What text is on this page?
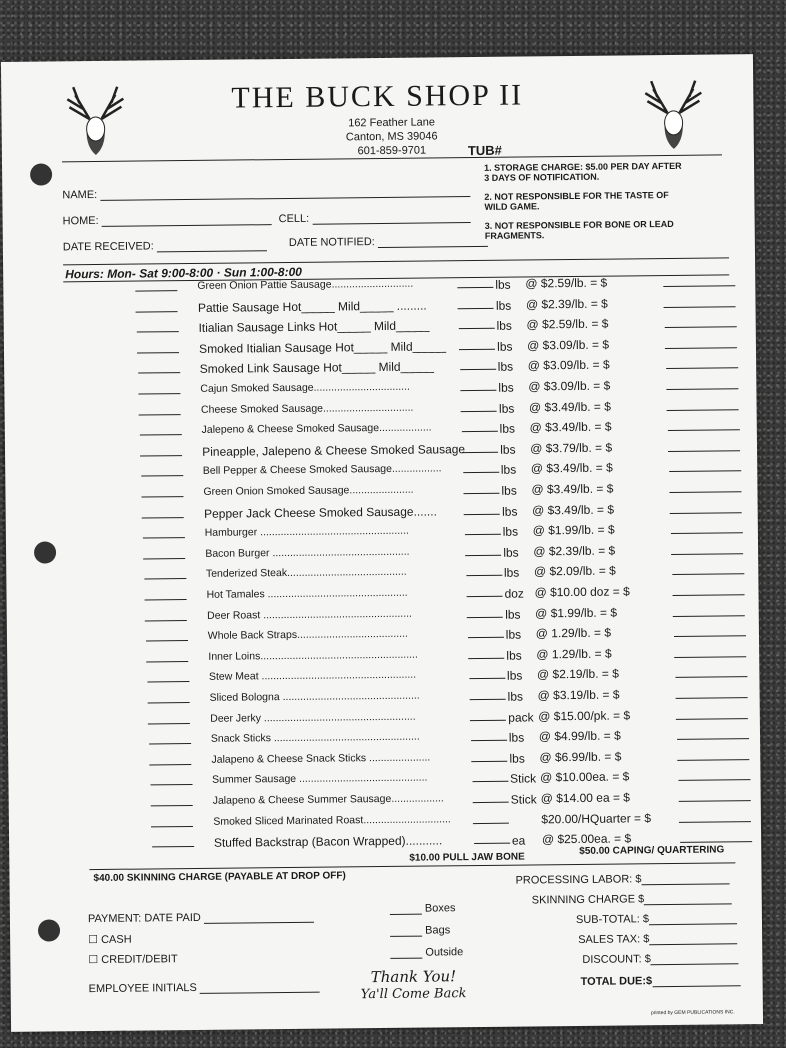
THE BUCK SHOP II
162 Feather Lane
Canton, MS 39046
601-859-9701	TUB#
1. STORAGE CHARGE: $5.00 PER DAY AFTER 3 DAYS OF NOTIFICATION.
2. NOT RESPONSIBLE FOR THE TASTE OF WILD GAME.
3. NOT RESPONSIBLE FOR BONE OR LEAD FRAGMENTS.
NAME:
HOME:	CELL:
DATE RECEIVED:	DATE NOTIFIED:
Hours: Mon- Sat 9:00-8:00 · Sun 1:00-8:00
Green Onion Pattie Sausage............................	lbs @ $2.59/lb. = $
Pattie Sausage Hot_____ Mild_____ .........	lbs @ $2.39/lb. = $
Itialian Sausage Links Hot_____ Mild_____	lbs @ $2.59/lb. = $
Smoked Itialian Sausage Hot_____ Mild_____	lbs @ $3.09/lb. = $
Smoked Link Sausage Hot_____ Mild_____	lbs @ $3.09/lb. = $
Cajun Smoked Sausage.................................	lbs @ $3.09/lb. = $
Cheese Smoked Sausage...............................	lbs @ $3.49/lb. = $
Jalepeno & Cheese Smoked Sausage..................	lbs @ $3.49/lb. = $
Pineapple, Jalepeno & Cheese Smoked Sausage	lbs @ $3.79/lb. = $
Bell Pepper & Cheese Smoked Sausage.................	lbs @ $3.49/lb. = $
Green Onion Smoked Sausage......................	lbs @ $3.49/lb. = $
Pepper Jack Cheese Smoked Sausage.......	lbs @ $3.49/lb. = $
Hamburger ...................................................	lbs @ $1.99/lb. = $
Bacon Burger ...............................................	lbs @ $2.39/lb. = $
Tenderized Steak.........................................	lbs @ $2.09/lb. = $
Hot Tamales ................................................	doz @ $10.00 doz = $
Deer Roast ...................................................	lbs @ $1.99/lb. = $
Whole Back Straps......................................	lbs @ 1.29/lb. = $
Inner Loins......................................................	lbs @ 1.29/lb. = $
Stew Meat .....................................................	lbs @ $2.19/lb. = $
Sliced Bologna ...............................................	lbs @ $3.19/lb. = $
Deer Jerky ....................................................	pack @ $15.00/pk. = $
Snack Sticks ..................................................	lbs @ $4.99/lb. = $
Jalapeno & Cheese Snack Sticks .....................	lbs @ $6.99/lb. = $
Summer Sausage ............................................	Stick @ $10.00ea. = $
Jalapeno & Cheese Summer Sausage..................	Stick @ $14.00 ea = $
Smoked Sliced Marinated Roast..............................	$20.00/HQuarter = $
Stuffed Backstrap (Bacon Wrapped)...........	ea @ $25.00ea. = $
$10.00 PULL JAW BONE
$50.00 CAPING/ QUARTERING
$40.00 SKINNING CHARGE (PAYABLE AT DROP OFF)
PAYMENT: DATE PAID
☐ CASH
☐ CREDIT/DEBIT
EMPLOYEE INITIALS
Boxes
Bags
Outside
PROCESSING LABOR: $
SKINNING CHARGE $
SUB-TOTAL: $
SALES TAX: $
DISCOUNT: $
TOTAL DUE:$
Thank You!
Ya'll Come Back
printed by GEM PUBLICATIONS INC.
